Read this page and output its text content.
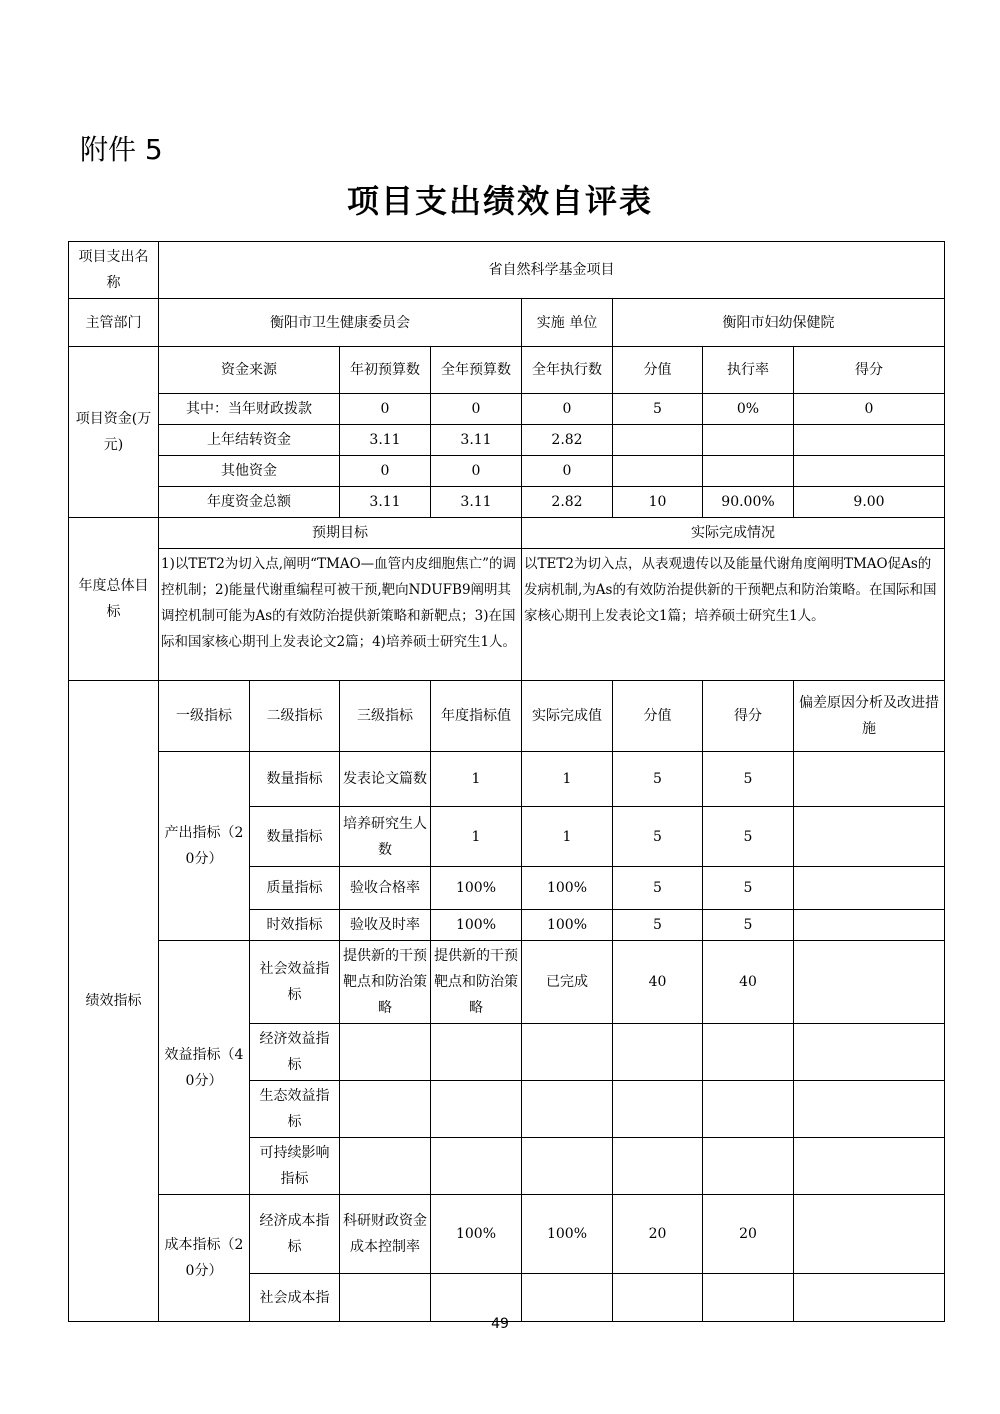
附件 5
项目支出绩效自评表
项目支出名称	省自然科学基金项目							
主管部门	衡阳市卫生健康委员会				实施 单位	衡阳市妇幼保健院		
项目资金(万元)	资金来源		年初预算数	全年预算数	全年执行数	分值	执行率	得分
	其中：当年财政拨款		0	0	0	5	0%	0
	上年结转资金		3.11	3.11	2.82			
	其他资金		0	0	0			
	年度资金总额		3.11	3.11	2.82	10	90.00%	9.00
年度总体目标	预期目标				实际完成情况			
	1)以TET2为切入点,阐明“TMAO—血管内皮细胞焦亡”的调控机制；2)能量代谢重编程可被干预,靶向NDUFB9阐明其调控机制可能为As的有效防治提供新策略和新靶点；3)在国际和国家核心期刊上发表论文2篇；4)培养硕士研究生1人。				以TET2为切入点，从表观遗传以及能量代谢角度阐明TMAO促As的发病机制,为As的有效防治提供新的干预靶点和防治策略。在国际和国家核心期刊上发表论文1篇；培养硕士研究生1人。			
绩效指标	一级指标	二级指标	三级指标	年度指标值	实际完成值	分值	得分	偏差原因分析及改进措施
	产出指标（20分）	数量指标	发表论文篇数	1	1	5	5	
		数量指标	培养研究生人数	1	1	5	5	
		质量指标	验收合格率	100%	100%	5	5	
		时效指标	验收及时率	100%	100%	5	5	
	效益指标（40分）	社会效益指标	提供新的干预靶点和防治策略	提供新的干预靶点和防治策略	已完成	40	40	
		经济效益指标						
		生态效益指标						
		可持续影响指标						
	成本指标（20分）	经济成本指标	科研财政资金成本控制率	100%	100%	20	20	
		社会成本指						
49
